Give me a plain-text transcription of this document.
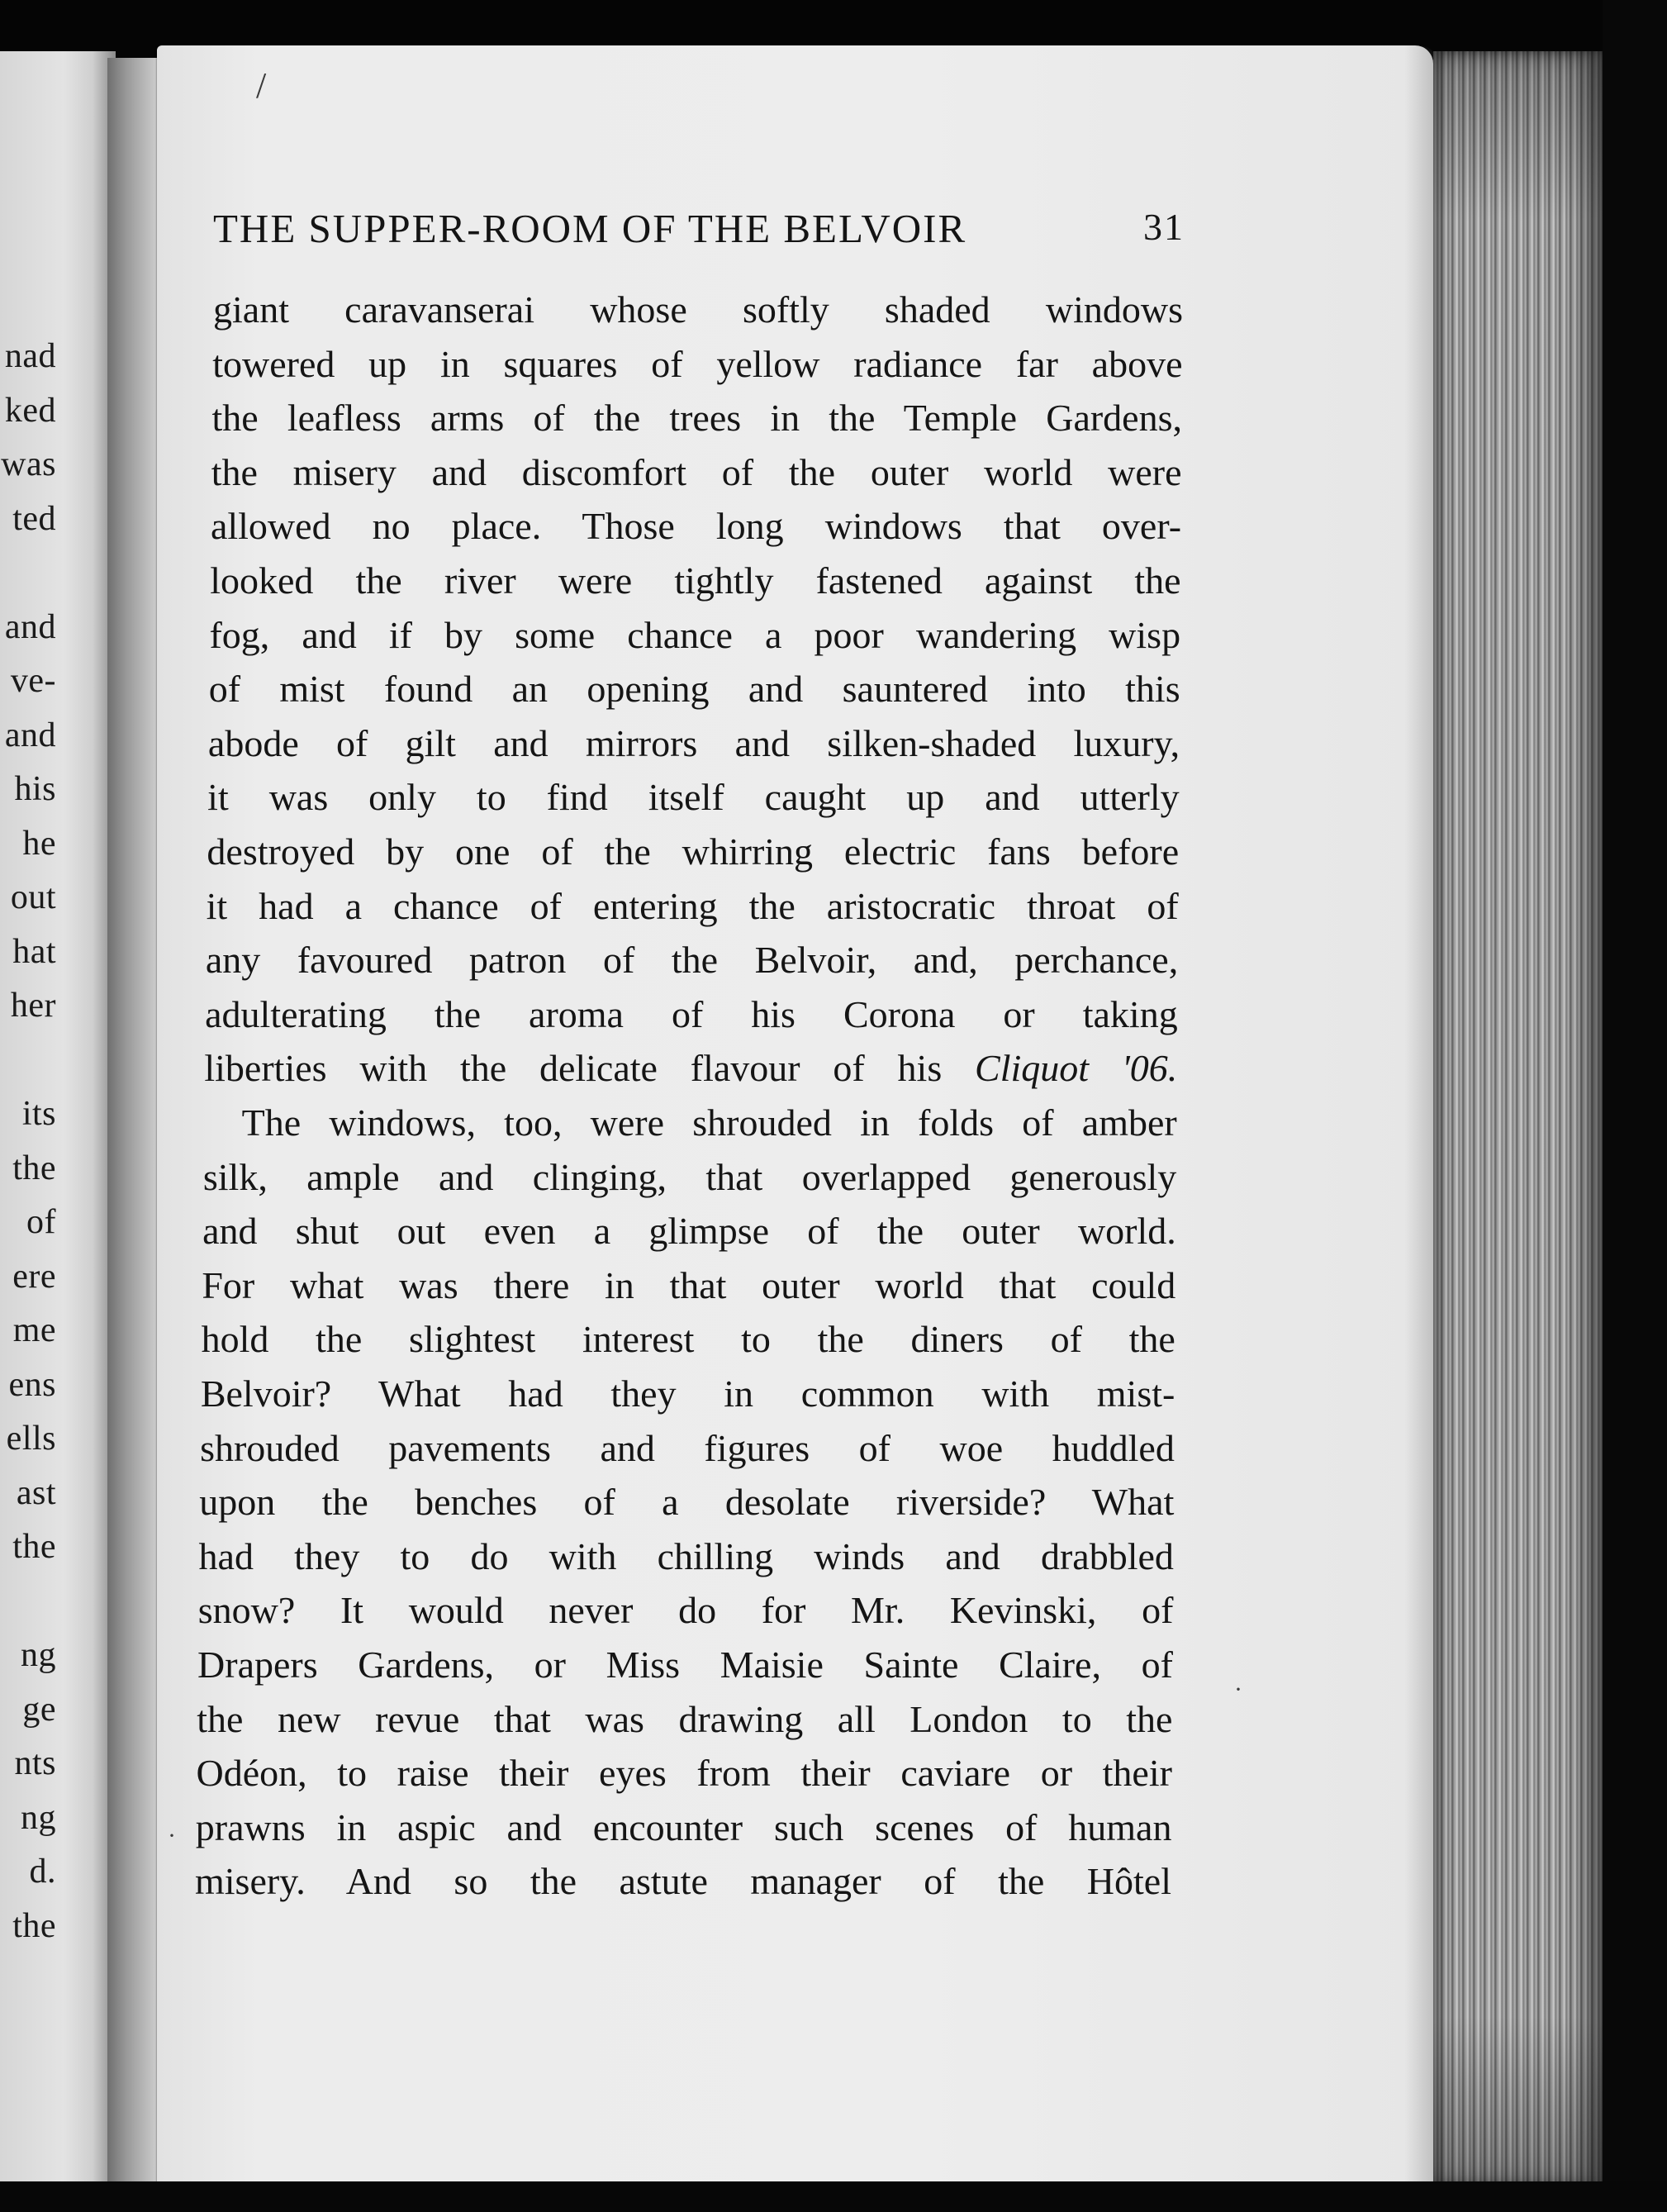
nad
ked
was
ted
and
ve-
and
his
he
out
hat
her
its
the
of
ere
me
ens
ells
ast
the
ng
ge
nts
ng
d.
the
/
·
·
THE SUPPER-ROOM OF THE BELVOIR	31
giant caravanserai whose softly shaded windows
towered up in squares of yellow radiance far above
the leafless arms of the trees in the Temple Gardens,
the misery and discomfort of the outer world were
allowed no place. Those long windows that over-
looked the river were tightly fastened against the
fog, and if by some chance a poor wandering wisp
of mist found an opening and sauntered into this
abode of gilt and mirrors and silken-shaded luxury,
it was only to find itself caught up and utterly
destroyed by one of the whirring electric fans before
it had a chance of entering the aristocratic throat of
any favoured patron of the Belvoir, and, perchance,
adulterating the aroma of his Corona or taking
liberties with the delicate flavour of his Cliquot '06.
The windows, too, were shrouded in folds of amber
silk, ample and clinging, that overlapped generously
and shut out even a glimpse of the outer world.
For what was there in that outer world that could
hold the slightest interest to the diners of the
Belvoir? What had they in common with mist-
shrouded pavements and figures of woe huddled
upon the benches of a desolate riverside? What
had they to do with chilling winds and drabbled
snow? It would never do for Mr. Kevinski, of
Drapers Gardens, or Miss Maisie Sainte Claire, of
the new revue that was drawing all London to the
Odéon, to raise their eyes from their caviare or their
prawns in aspic and encounter such scenes of human
misery. And so the astute manager of the Hôtel
